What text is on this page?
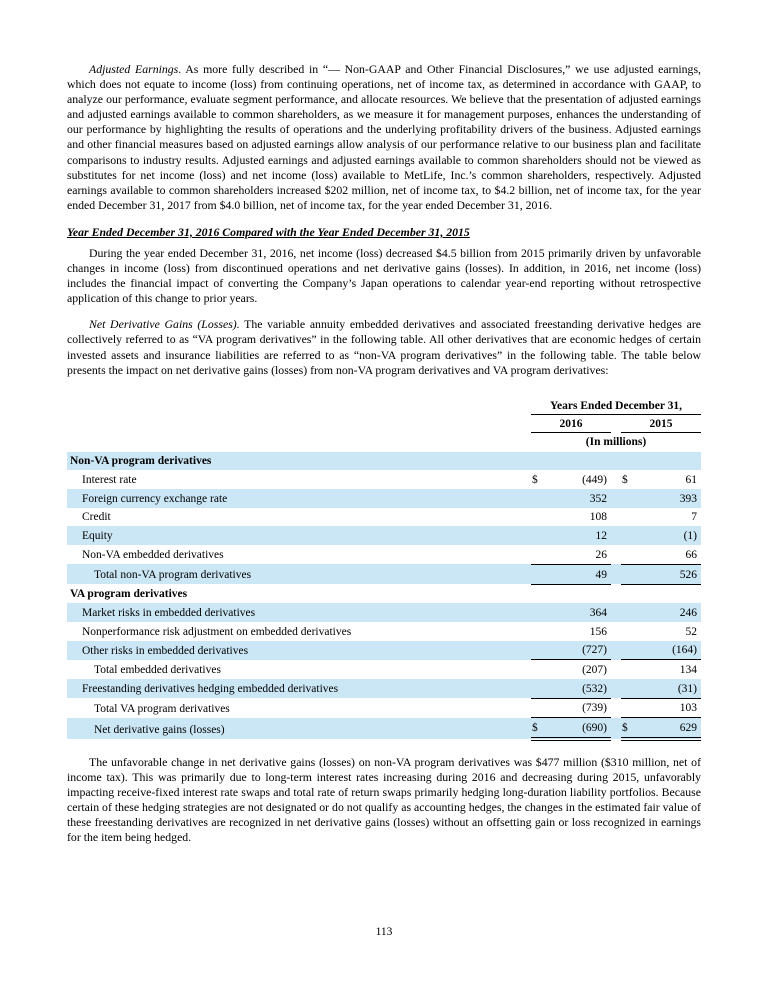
Adjusted Earnings. As more fully described in “— Non-GAAP and Other Financial Disclosures,” we use adjusted earnings, which does not equate to income (loss) from continuing operations, net of income tax, as determined in accordance with GAAP, to analyze our performance, evaluate segment performance, and allocate resources. We believe that the presentation of adjusted earnings and adjusted earnings available to common shareholders, as we measure it for management purposes, enhances the understanding of our performance by highlighting the results of operations and the underlying profitability drivers of the business. Adjusted earnings and other financial measures based on adjusted earnings allow analysis of our performance relative to our business plan and facilitate comparisons to industry results. Adjusted earnings and adjusted earnings available to common shareholders should not be viewed as substitutes for net income (loss) and net income (loss) available to MetLife, Inc.’s common shareholders, respectively. Adjusted earnings available to common shareholders increased $202 million, net of income tax, to $4.2 billion, net of income tax, for the year ended December 31, 2017 from $4.0 billion, net of income tax, for the year ended December 31, 2016.

Year Ended December 31, 2016 Compared with the Year Ended December 31, 2015

During the year ended December 31, 2016, net income (loss) decreased $4.5 billion from 2015 primarily driven by unfavorable changes in income (loss) from discontinued operations and net derivative gains (losses). In addition, in 2016, net income (loss) includes the financial impact of converting the Company’s Japan operations to calendar year-end reporting without retrospective application of this change to prior years.

Net Derivative Gains (Losses). The variable annuity embedded derivatives and associated freestanding derivative hedges are collectively referred to as “VA program derivatives” in the following table. All other derivatives that are economic hedges of certain invested assets and insurance liabilities are referred to as “non-VA program derivatives” in the following table. The table below presents the impact on net derivative gains (losses) from non-VA program derivatives and VA program derivatives:

	Years Ended December 31,				
	2016			2015	
	(In millions)				
Non-VA program derivatives					
Interest rate	$	(449)		$	61
Foreign currency exchange rate		352			393
Credit		108			7
Equity		12			(1)
Non-VA embedded derivatives		26			66
Total non-VA program derivatives		49			526
VA program derivatives					
Market risks in embedded derivatives		364			246
Nonperformance risk adjustment on embedded derivatives		156			52
Other risks in embedded derivatives		(727)			(164)
Total embedded derivatives		(207)			134
Freestanding derivatives hedging embedded derivatives		(532)			(31)
Total VA program derivatives		(739)			103
Net derivative gains (losses)	$	(690)		$	629

The unfavorable change in net derivative gains (losses) on non-VA program derivatives was $477 million ($310 million, net of income tax). This was primarily due to long-term interest rates increasing during 2016 and decreasing during 2015, unfavorably impacting receive-fixed interest rate swaps and total rate of return swaps primarily hedging long-duration liability portfolios. Because certain of these hedging strategies are not designated or do not qualify as accounting hedges, the changes in the estimated fair value of these freestanding derivatives are recognized in net derivative gains (losses) without an offsetting gain or loss recognized in earnings for the item being hedged.

113
